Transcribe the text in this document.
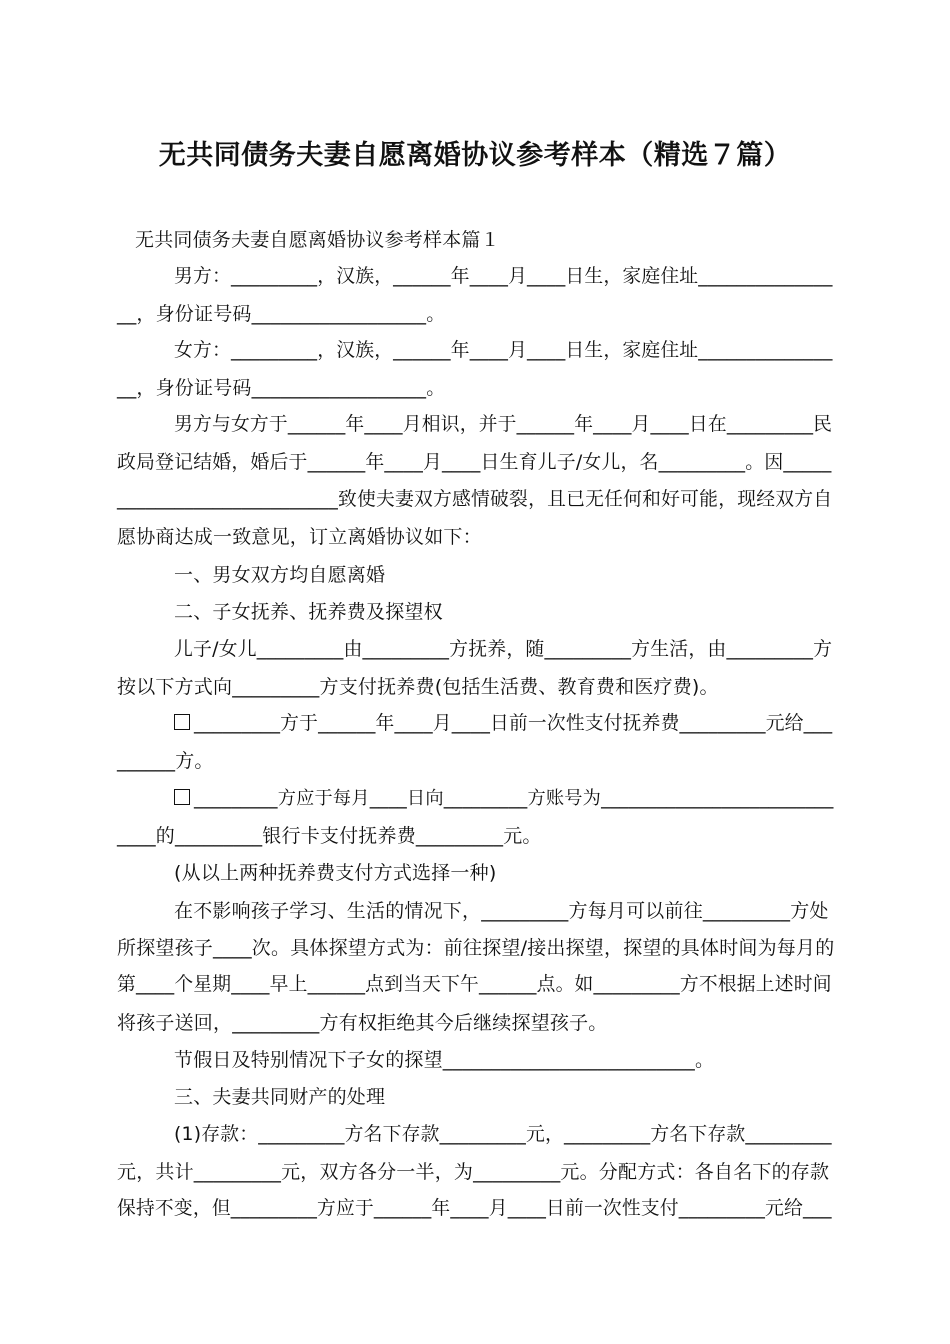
无共同债务夫妻自愿离婚协议参考样本（精选７篇）
无共同债务夫妻自愿离婚协议参考样本篇１
男方：_________，汉族，______年____月____日生，家庭住址______________
__，身份证号码__________________。
女方：_________，汉族，______年____月____日生，家庭住址______________
__，身份证号码__________________。
男方与女方于______年____月相识，并于______年____月____日在_________民
政局登记结婚，婚后于______年____月____日生育儿子/女儿，名_________。因_____
_______________________致使夫妻双方感情破裂，且已无任何和好可能，现经双方自
愿协商达成一致意见，订立离婚协议如下：
一、男女双方均自愿离婚
二、子女抚养、抚养费及探望权
儿子/女儿_________由_________方抚养，随_________方生活，由_________方
按以下方式向_________方支付抚养费(包括生活费、教育费和医疗费)。
_________方于______年____月____日前一次性支付抚养费_________元给___
______方。
_________方应于每月____日向_________方账号为_________________________
____的_________银行卡支付抚养费_________元。
(从以上两种抚养费支付方式选择一种)
在不影响孩子学习、生活的情况下，_________方每月可以前往_________方处
所探望孩子____次。具体探望方式为：前往探望/接出探望，探望的具体时间为每月的
第____个星期____早上______点到当天下午______点。如_________方不根据上述时间
将孩子送回，_________方有权拒绝其今后继续探望孩子。
节假日及特别情况下子女的探望__________________________。
三、夫妻共同财产的处理
(1)存款：_________方名下存款_________元，_________方名下存款_________
元，共计_________元，双方各分一半，为_________元。分配方式：各自名下的存款
保持不变，但_________方应于______年____月____日前一次性支付_________元给___
